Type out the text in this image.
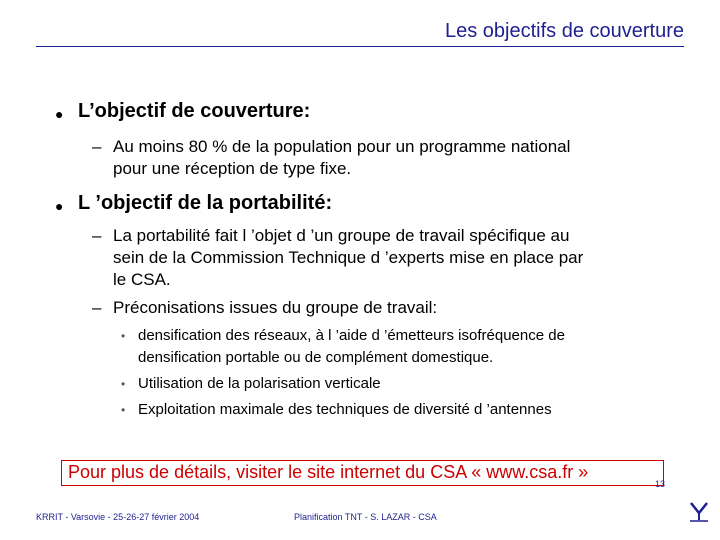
Les objectifs de couverture
● L’objectif de couverture:
– Au moins 80 % de la population pour un programme national
pour une réception de type fixe.
● L ’objectif de la portabilité:
– La portabilité fait l ’objet d ’un groupe de travail spécifique au
sein de la Commission Technique d ’experts mise en place par
le CSA.
– Préconisations issues du groupe de travail:
• densification des réseaux, à l ’aide d ’émetteurs isofréquence de
densification portable ou de complément domestique.
• Utilisation de la polarisation verticale
• Exploitation maximale des techniques de diversité d ’antennes
Pour plus de détails, visiter le site internet du CSA « www.csa.fr »
13
KRRIT - Varsovie - 25-26-27 février 2004	Planification TNT - S. LAZAR - CSA
